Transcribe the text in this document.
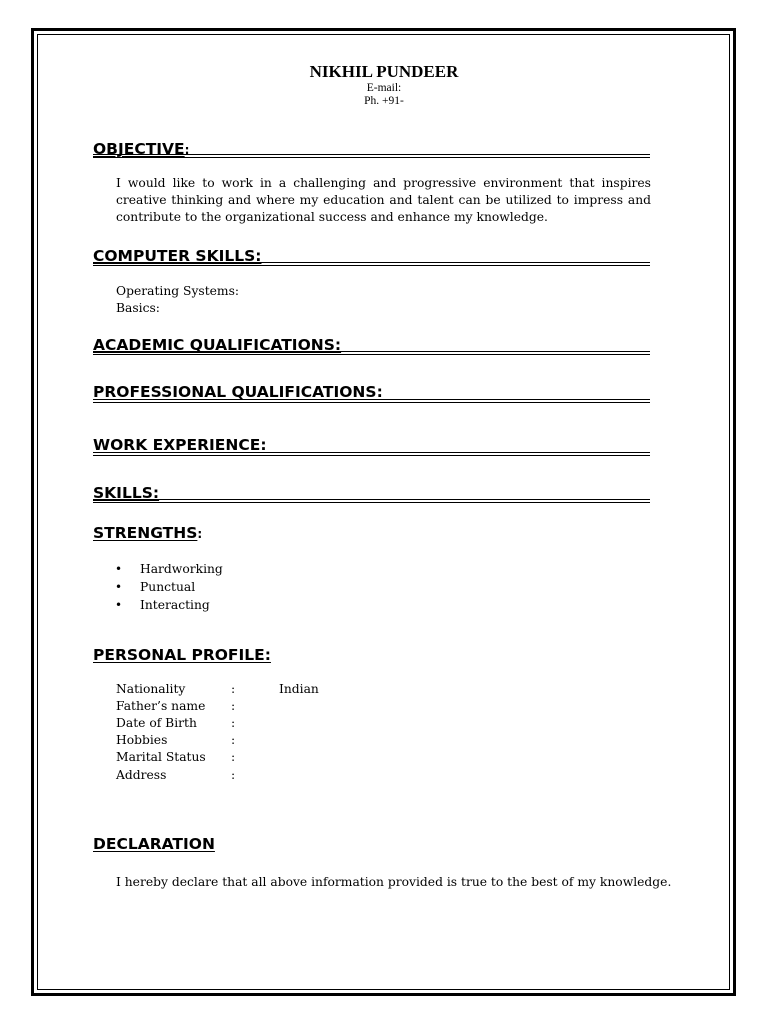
NIKHIL PUNDEER
E-mail:
Ph. +91-
OBJECTIVE:
I would like to work in a challenging and progressive environment that inspires creative thinking and where my education and talent can be utilized to impress and contribute to the organizational success and enhance my knowledge.
COMPUTER SKILLS:
Operating Systems:
Basics:
ACADEMIC QUALIFICATIONS:
PROFESSIONAL QUALIFICATIONS:
WORK EXPERIENCE:
SKILLS:
STRENGTHS:
• Hardworking
• Punctual
• Interacting
PERSONAL PROFILE:
Nationality	:	Indian
Father’s name :
Date of Birth	:
Hobbies	:
Marital Status :
Address	:
DECLARATION
I hereby declare that all above information provided is true to the best of my knowledge.
